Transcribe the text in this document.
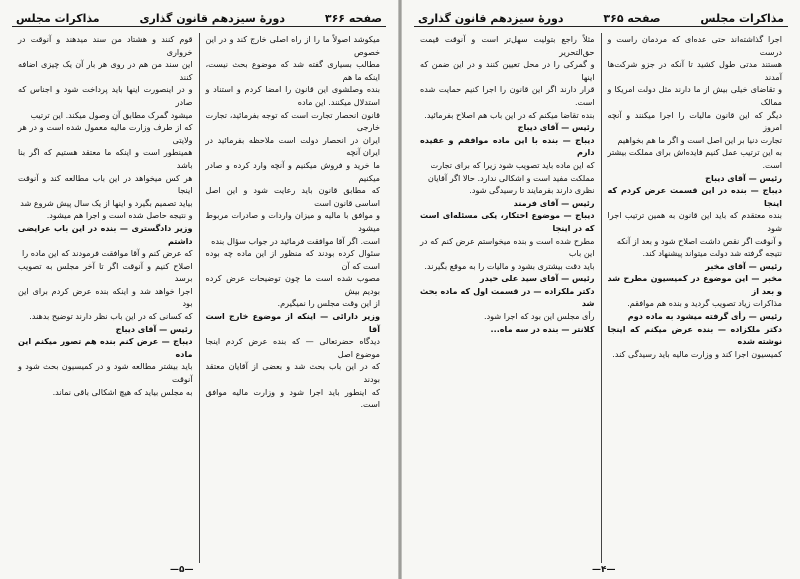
صفحه ۳۶۶
دورهٔ سیزدهم قانون گذاری
مذاکرات مجلس

میکوشد اصولاً ما را از راه اصلی خارج کند و در این خصوص

مطالب بسیاری گفته شد که موضوع بحث نیست، اینکه ما هم

بنده وصلشوی این قانون را امضا کردم و استناد و استدلال میکنند. این ماده

قانون انحصار تجارت است که توجه بفرمائید، تجارت خارجی

ایران در انحصار دولت است ملاحظه بفرمائید در ایران آنچه

ما خرید و فروش میکنیم و آنچه وارد کرده و صادر میکنیم

که مطابق قانون باید رعایت شود و این اصل اساسی قانون است

و موافق با مالیه و میزان واردات و صادرات مربوط میشود

است. اگر آقا موافقت فرمائید در جواب سؤال بنده

سئوال کرده بودند که منظور از این ماده چه بوده است که آن

مصوب شده است ما چون توضیحات عرض کرده بودیم بیش

از این وقت مجلس را نمیگیرم.

وزیر دارائی — اینکه از موضوع خارج است آقا

دیدگاه حضرتعالی — که بنده عرض کردم اینجا موضوع اصل

که در این باب بحث شد و بعضی از آقایان معتقد بودند

که اینطور باید اجرا شود و وزارت مالیه موافق است.

قوم کنند و هشتاد من سند میدهند و آنوقت در خرواری

این سند من هم در روی هر بار آن یک چیزی اضافه کنند

و در اینصورت اینها باید پرداخت شود و اجناس که صادر

میشود گمرک مطابق آن وصول میکند. این ترتیب

که از طرف وزارت مالیه معمول شده است و در هر ولایتی

همینطور است و اینکه ما معتقد هستیم که اگر بنا باشد

هر کس میخواهد در این باب مطالعه کند و آنوقت اینجا

بیاید تصمیم بگیرد و اینها از یک سال پیش شروع شد

و نتیجه حاصل شده است و اجرا هم میشود.

وزیر دادگستری — بنده در این باب عرایضی داشتم

که عرض کنم و آقا موافقت فرمودند که این ماده را

اصلاح کنیم و آنوقت اگر تا آخر مجلس به تصویب برسد

اجرا خواهد شد و اینکه بنده عرض کردم برای این بود

که کسانی که در این باب نظر دارند توضیح بدهند.

رئیس — آقای دیباج

دیباج — عرض کنم بنده هم تصور میکنم این ماده

باید بیشتر مطالعه شود و در کمیسیون بحث شود و آنوقت

به مجلس بیاید که هیچ اشکالی باقی نماند.

—۵—
مذاکرات مجلس
صفحه ۳۶۵
دورهٔ سیزدهم قانون گذاری

اجرا گذاشته‌اند حتی عده‌ای که مردمان راست و درست

هستند مدتی طول کشید تا آنکه در جزو شرکت‌ها آمدند

و تقاضای خیلی بیش از ما دارند مثل دولت امریکا و ممالک

دیگر که این قانون مالیات را اجرا میکنند و آنچه امروز

تجارت دنیا بر این اصل است و اگر ما هم بخواهیم

به این ترتیب عمل کنیم فایده‌اش برای مملکت بیشتر است.

رئیس — آقای دیباج

دیباج — بنده در این قسمت عرض کردم که اینجا

بنده معتقدم که باید این قانون به همین ترتیب اجرا شود

و آنوقت اگر نقص داشت اصلاح شود و بعد از آنکه

نتیجه گرفته شد دولت میتواند پیشنهاد کند.

رئیس — آقای مخبر

مخبر — این موضوع در کمیسیون مطرح شد و بعد از

مذاکرات زیاد تصویب گردید و بنده هم موافقم.

رئیس — رأی گرفته میشود به ماده دوم

دکتر ملکزاده — بنده عرض میکنم که اینجا نوشته شده

کمیسیون اجرا کند و وزارت مالیه باید رسیدگی کند.

مثلاً راجع بتولیت سهل‌تر است و آنوقت قیمت حق‌التحریر

و گمرکی را در محل تعیین کنند و در این ضمن که اینها

قرار دارند اگر این قانون را اجرا کنیم حمایت شده است.

بنده تقاضا میکنم که در این باب هم اصلاح بفرمائید.

رئیس — آقای دیباج

دیباج — بنده با این ماده موافقم و عقیده دارم

که این ماده باید تصویب شود زیرا که برای تجارت

مملکت مفید است و اشکالی ندارد. حالا اگر آقایان

نظری دارند بفرمایند تا رسیدگی شود.

رئیس — آقای فرمند

دیباج — موضوع احتکار، یکی مسئله‌ای است که در اینجا

مطرح شده است و بنده میخواستم عرض کنم که در این باب

باید دقت بیشتری بشود و مالیات را به موقع بگیرند.

رئیس — آقای سید علی حیدر

دکتر ملکزاده — در قسمت اول که ماده بحث شد

رأی مجلس این بود که اجرا شود.

کلانتر — بنده در سه ماه...

—۴—
